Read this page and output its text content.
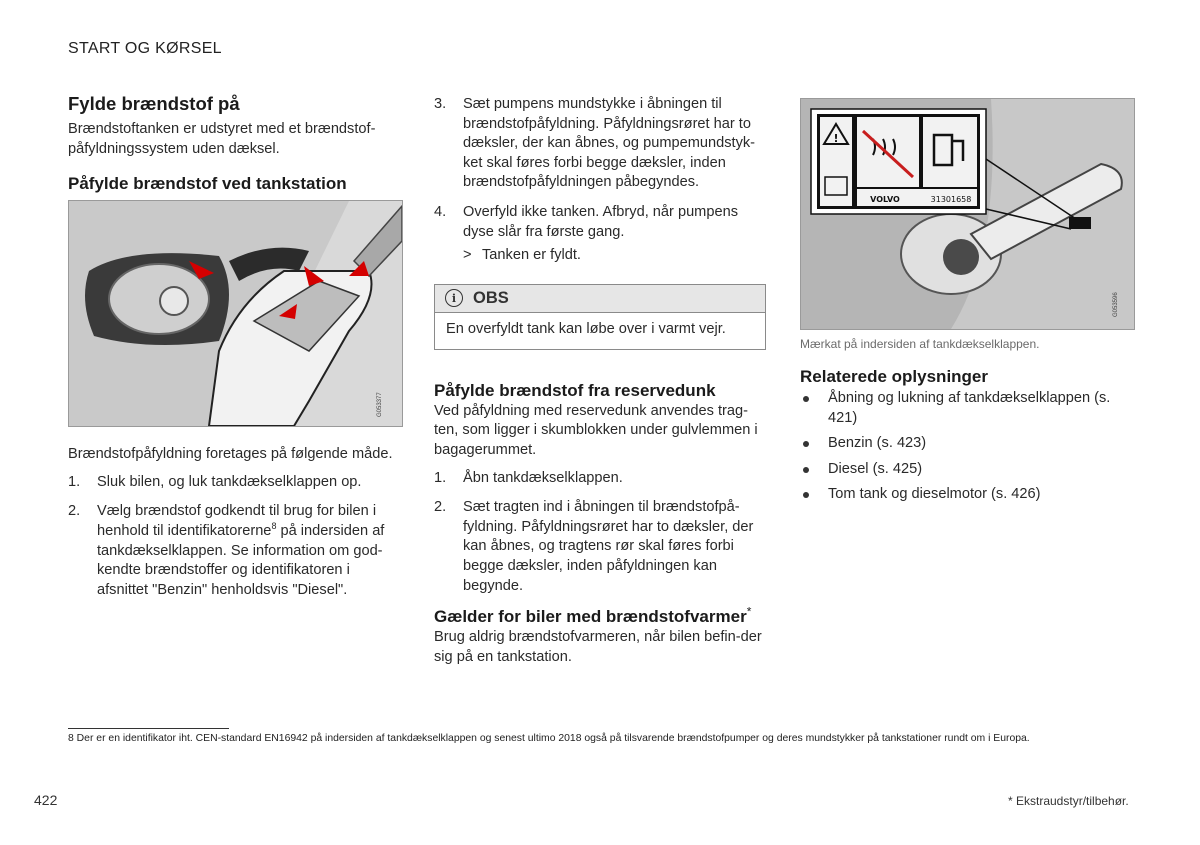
START OG KØRSEL
Fylde brændstof på

Brændstoftanken er udstyret med et brændstof-påfyldningssystem uden dæksel.

Påfylde brændstof ved tankstation
G053377

Brændstofpåfyldning foretages på følgende måde.

1. Sluk bilen, og luk tankdækselklappen op.
2. Vælg brændstof godkendt til brug for bilen i henhold til identifikatorerne$^8$ på indersiden af tankdækselklappen. Se information om god-kendte brændstoffer og identifikatoren i afsnittet "Benzin" henholdsvis "Diesel".
3. Sæt pumpens mundstykke i åbningen til brændstofpåfyldning. Påfyldningsrøret har to dæksler, der kan åbnes, og pumpemundstyk-ket skal føres forbi begge dæksler, inden brændstofpåfyldningen påbegyndes.
4. Overfyld ikke tanken. Afbryd, når pumpens dyse slår fra første gang.
> Tanken er fyldt.
i	OBS
En overfyldt tank kan løbe over i varmt vejr.
Påfylde brændstof fra reservedunk

Ved påfyldning med reservedunk anvendes trag-ten, som ligger i skumblokken under gulvlemmen i bagagerummet.

1. Åbn tankdækselklappen.
2. Sæt tragten ind i åbningen til brændstofpå-fyldning. Påfyldningsrøret har to dæksler, der kan åbnes, og tragtens rør skal føres forbi begge dæksler, inden påfyldningen kan begynde.
Gælder for biler med brændstofvarmer*

Brug aldrig brændstofvarmeren, når bilen befin-der sig på en tankstation.

!
VOLVO	31301658
G053596
Mærkat på indersiden af tankdækselklappen.
Relaterede oplysninger
Åbning og lukning af tankdækselklappen (s. 421)
Benzin (s. 423)
Diesel (s. 425)
Tom tank og dieselmotor (s. 426)
8 Der er en identifikator iht. CEN-standard EN16942 på indersiden af tankdækselklappen og senest ultimo 2018 også på tilsvarende brændstofpumper og deres mundstykker på tankstationer rundt om i Europa.
422	* Ekstraudstyr/tilbehør.
